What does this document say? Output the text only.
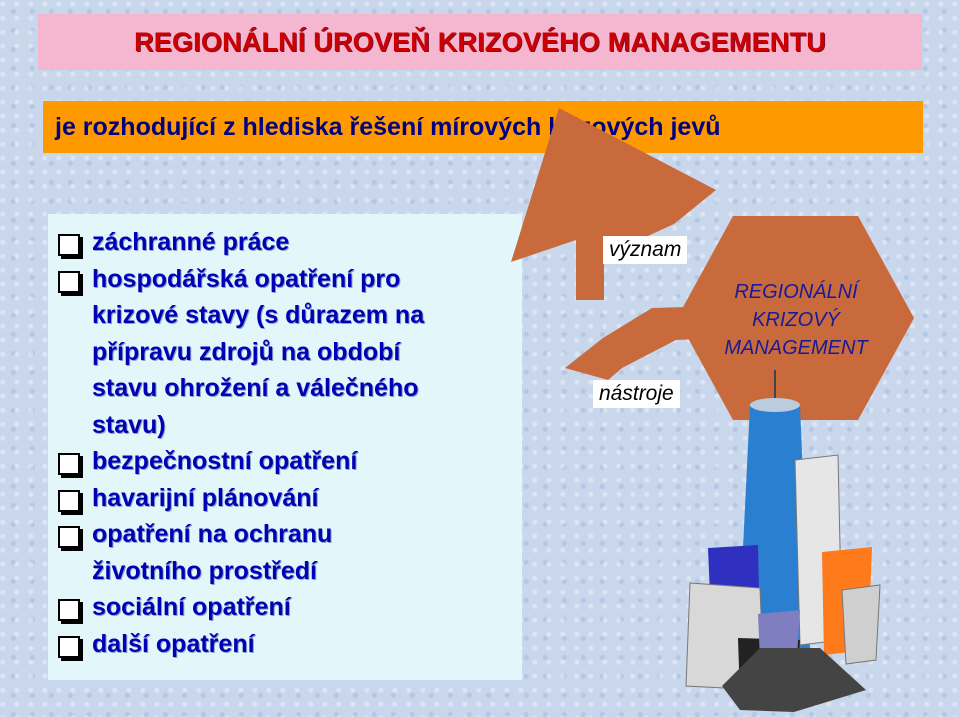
REGIONÁLNÍ ÚROVEŇ KRIZOVÉHO MANAGEMENTU
je rozhodující z hlediska řešení mírových krizových jevů
záchranné práce
hospodářská opatření pro
krizové stavy (s důrazem na
přípravu zdrojů na období
stavu ohrožení a válečného
stavu)
bezpečnostní opatření
havarijní plánování
opatření na ochranu
životního prostředí
sociální opatření
další opatření
význam
nástroje
REGIONÁLNÍ
KRIZOVÝ
MANAGEMENT
